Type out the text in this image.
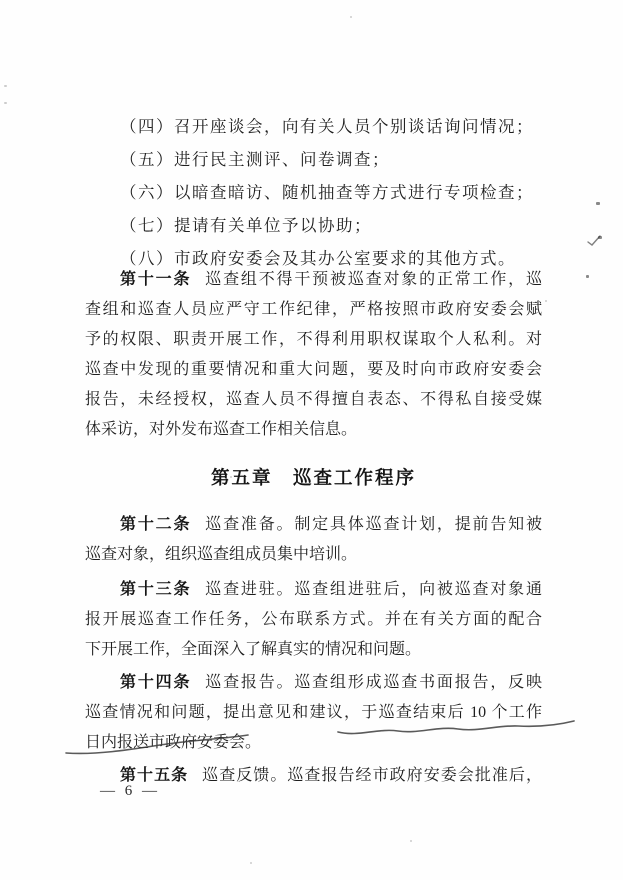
（四）召开座谈会，向有关人员个别谈话询问情况；
（五）进行民主测评、问卷调查；
（六）以暗查暗访、随机抽查等方式进行专项检查；
（七）提请有关单位予以协助；
（八）市政府安委会及其办公室要求的其他方式。
第十一条 巡查组不得干预被巡查对象的正常工作，巡
查组和巡查人员应严守工作纪律，严格按照市政府安委会赋
予的权限、职责开展工作，不得利用职权谋取个人私利。对
巡查中发现的重要情况和重大问题，要及时向市政府安委会
报告，未经授权，巡查人员不得擅自表态、不得私自接受媒
体采访，对外发布巡查工作相关信息。
第五章　巡查工作程序
第十二条 巡查准备。制定具体巡查计划，提前告知被
巡查对象，组织巡查组成员集中培训。
第十三条 巡查进驻。巡查组进驻后，向被巡查对象通
报开展巡查工作任务，公布联系方式。并在有关方面的配合
下开展工作，全面深入了解真实的情况和问题。
第十四条 巡查报告。巡查组形成巡查书面报告，反映
巡查情况和问题，提出意见和建议，于巡查结束后 10 个工作
日内报送市政府安委会。
第十五条 巡查反馈。巡查报告经市政府安委会批准后，
— 6 —
